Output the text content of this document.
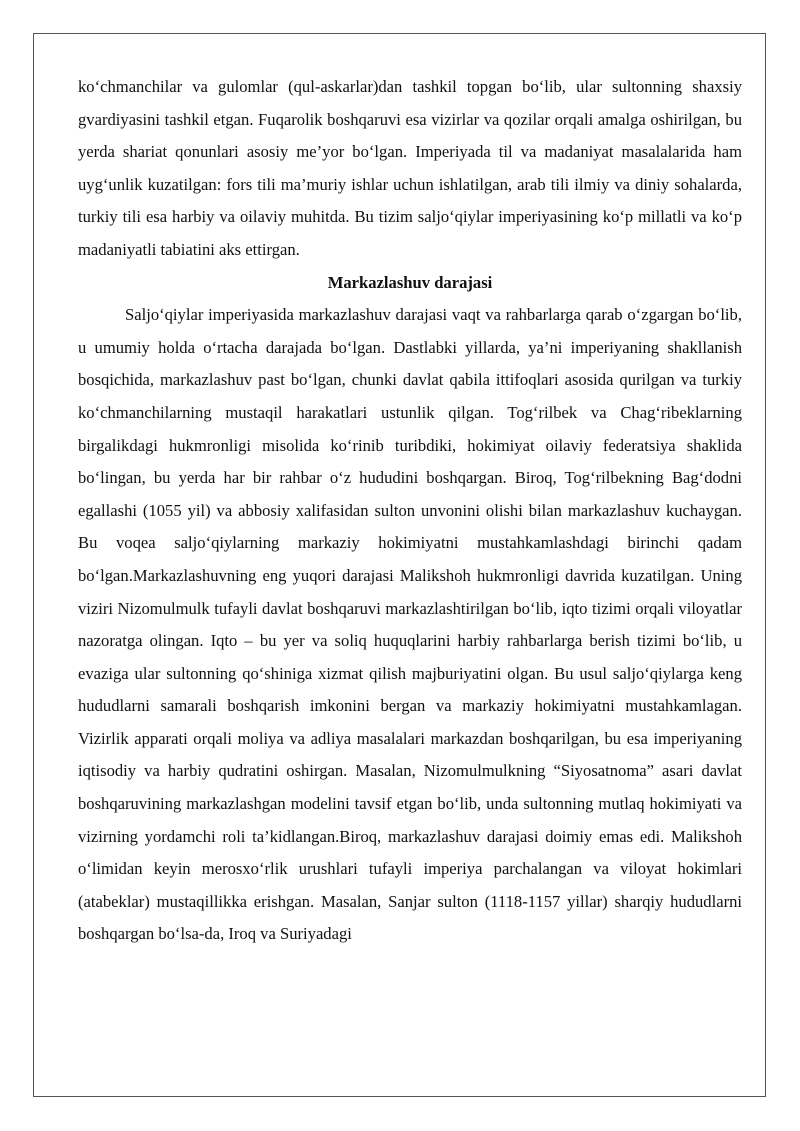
ko‘chmanchilar va gulomlar (qul-askarlar)dan tashkil topgan bo‘lib, ular sultonning shaxsiy gvardiyasini tashkil etgan. Fuqarolik boshqaruvi esa vizirlar va qozilar orqali amalga oshirilgan, bu yerda shariat qonunlari asosiy me’yor bo‘lgan. Imperiyada til va madaniyat masalalarida ham uyg‘unlik kuzatilgan: fors tili ma’muriy ishlar uchun ishlatilgan, arab tili ilmiy va diniy sohalarda, turkiy tili esa harbiy va oilaviy muhitda. Bu tizim saljo‘qiylar imperiyasining ko‘p millatli va ko‘p madaniyatli tabiatini aks ettirgan.

Markazlashuv darajasi

Saljo‘qiylar imperiyasida markazlashuv darajasi vaqt va rahbarlarga qarab o‘zgargan bo‘lib, u umumiy holda o‘rtacha darajada bo‘lgan. Dastlabki yillarda, ya’ni imperiyaning shakllanish bosqichida, markazlashuv past bo‘lgan, chunki davlat qabila ittifoqlari asosida qurilgan va turkiy ko‘chmanchilarning mustaqil harakatlari ustunlik qilgan. Tog‘rilbek va Chag‘ribeklarning birgalikdagi hukmronligi misolida ko‘rinib turibdiki, hokimiyat oilaviy federatsiya shaklida bo‘lingan, bu yerda har bir rahbar o‘z hududini boshqargan. Biroq, Tog‘rilbekning Bag‘dodni egallashi (1055 yil) va abbosiy xalifasidan sulton unvonini olishi bilan markazlashuv kuchaygan. Bu voqea saljo‘qiylarning markaziy hokimiyatni mustahkamlashdagi birinchi qadam bo‘lgan.Markazlashuvning eng yuqori darajasi Malikshoh hukmronligi davrida kuzatilgan. Uning viziri Nizomulmulk tufayli davlat boshqaruvi markazlashtirilgan bo‘lib, iqto tizimi orqali viloyatlar nazoratga olingan. Iqto – bu yer va soliq huquqlarini harbiy rahbarlarga berish tizimi bo‘lib, u evaziga ular sultonning qo‘shiniga xizmat qilish majburiyatini olgan. Bu usul saljo‘qiylarga keng hududlarni samarali boshqarish imkonini bergan va markaziy hokimiyatni mustahkamlagan. Vizirlik apparati orqali moliya va adliya masalalari markazdan boshqarilgan, bu esa imperiyaning iqtisodiy va harbiy qudratini oshirgan. Masalan, Nizomulmulkning “Siyosatnoma” asari davlat boshqaruvining markazlashgan modelini tavsif etgan bo‘lib, unda sultonning mutlaq hokimiyati va vizirning yordamchi roli ta’kidlangan.Biroq, markazlashuv darajasi doimiy emas edi. Malikshoh o‘limidan keyin merosxo‘rlik urushlari tufayli imperiya parchalangan va viloyat hokimlari (atabeklar) mustaqillikka erishgan. Masalan, Sanjar sulton (1118-1157 yillar) sharqiy hududlarni boshqargan bo‘lsa-da, Iroq va Suriyadagi
